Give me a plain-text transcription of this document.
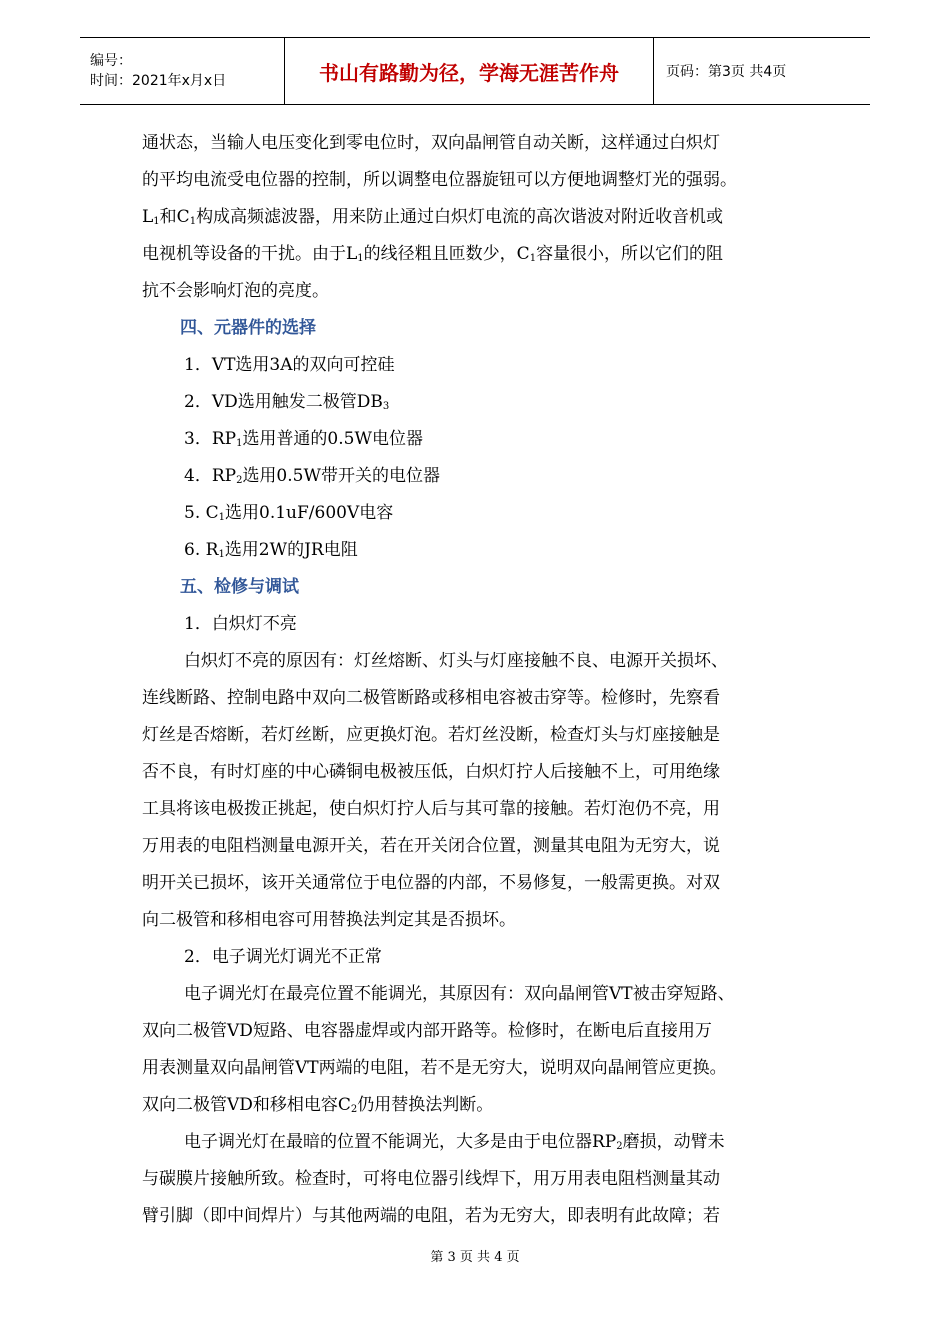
编号：
时间：2021年x月x日	书山有路勤为径，学海无涯苦作舟	页码：第3页 共4页
通状态，当输人电压变化到零电位时，双向晶闸管自动关断，这样通过白炽灯
的平均电流受电位器的控制，所以调整电位器旋钮可以方便地调整灯光的强弱。
$L_1$和$C_1$构成高频滤波器，用来防止通过白炽灯电流的高次谐波对附近收音机或
电视机等设备的干扰。由于$L_1$的线径粗且匝数少，$C_1$容量很小，所以它们的阻
抗不会影响灯泡的亮度。
四、元器件的选择
1．VT选用3A的双向可控硅
2．VD选用触发二极管$DB_3$
3．$RP_1$选用普通的0.5W电位器
4．$RP_2$选用0.5W带开关的电位器
5. $C_1$选用0.1uF/600V电容
6. $R_1$选用2W的JR电阻
五、检修与调试
1．白炽灯不亮
白炽灯不亮的原因有：灯丝熔断、灯头与灯座接触不良、电源开关损坏、
连线断路、控制电路中双向二极管断路或移相电容被击穿等。检修时，先察看
灯丝是否熔断，若灯丝断，应更换灯泡。若灯丝没断，检查灯头与灯座接触是
否不良，有时灯座的中心磷铜电极被压低，白炽灯拧人后接触不上，可用绝缘
工具将该电极拨正挑起，使白炽灯拧人后与其可靠的接触。若灯泡仍不亮，用
万用表的电阻档测量电源开关，若在开关闭合位置，测量其电阻为无穷大，说
明开关已损坏，该开关通常位于电位器的内部，不易修复，一般需更换。对双
向二极管和移相电容可用替换法判定其是否损坏。
2．电子调光灯调光不正常
电子调光灯在最亮位置不能调光，其原因有：双向晶闸管VT被击穿短路、
双向二极管VD短路、电容器虚焊或内部开路等。检修时，在断电后直接用万
用表测量双向晶闸管VT两端的电阻，若不是无穷大，说明双向晶闸管应更换。
双向二极管VD和移相电容$C_2$仍用替换法判断。
电子调光灯在最暗的位置不能调光，大多是由于电位器$RP_2$磨损，动臂未
与碳膜片接触所致。检查时，可将电位器引线焊下，用万用表电阻档测量其动
臂引脚（即中间焊片）与其他两端的电阻，若为无穷大，即表明有此故障；若
第 3 页 共 4 页
